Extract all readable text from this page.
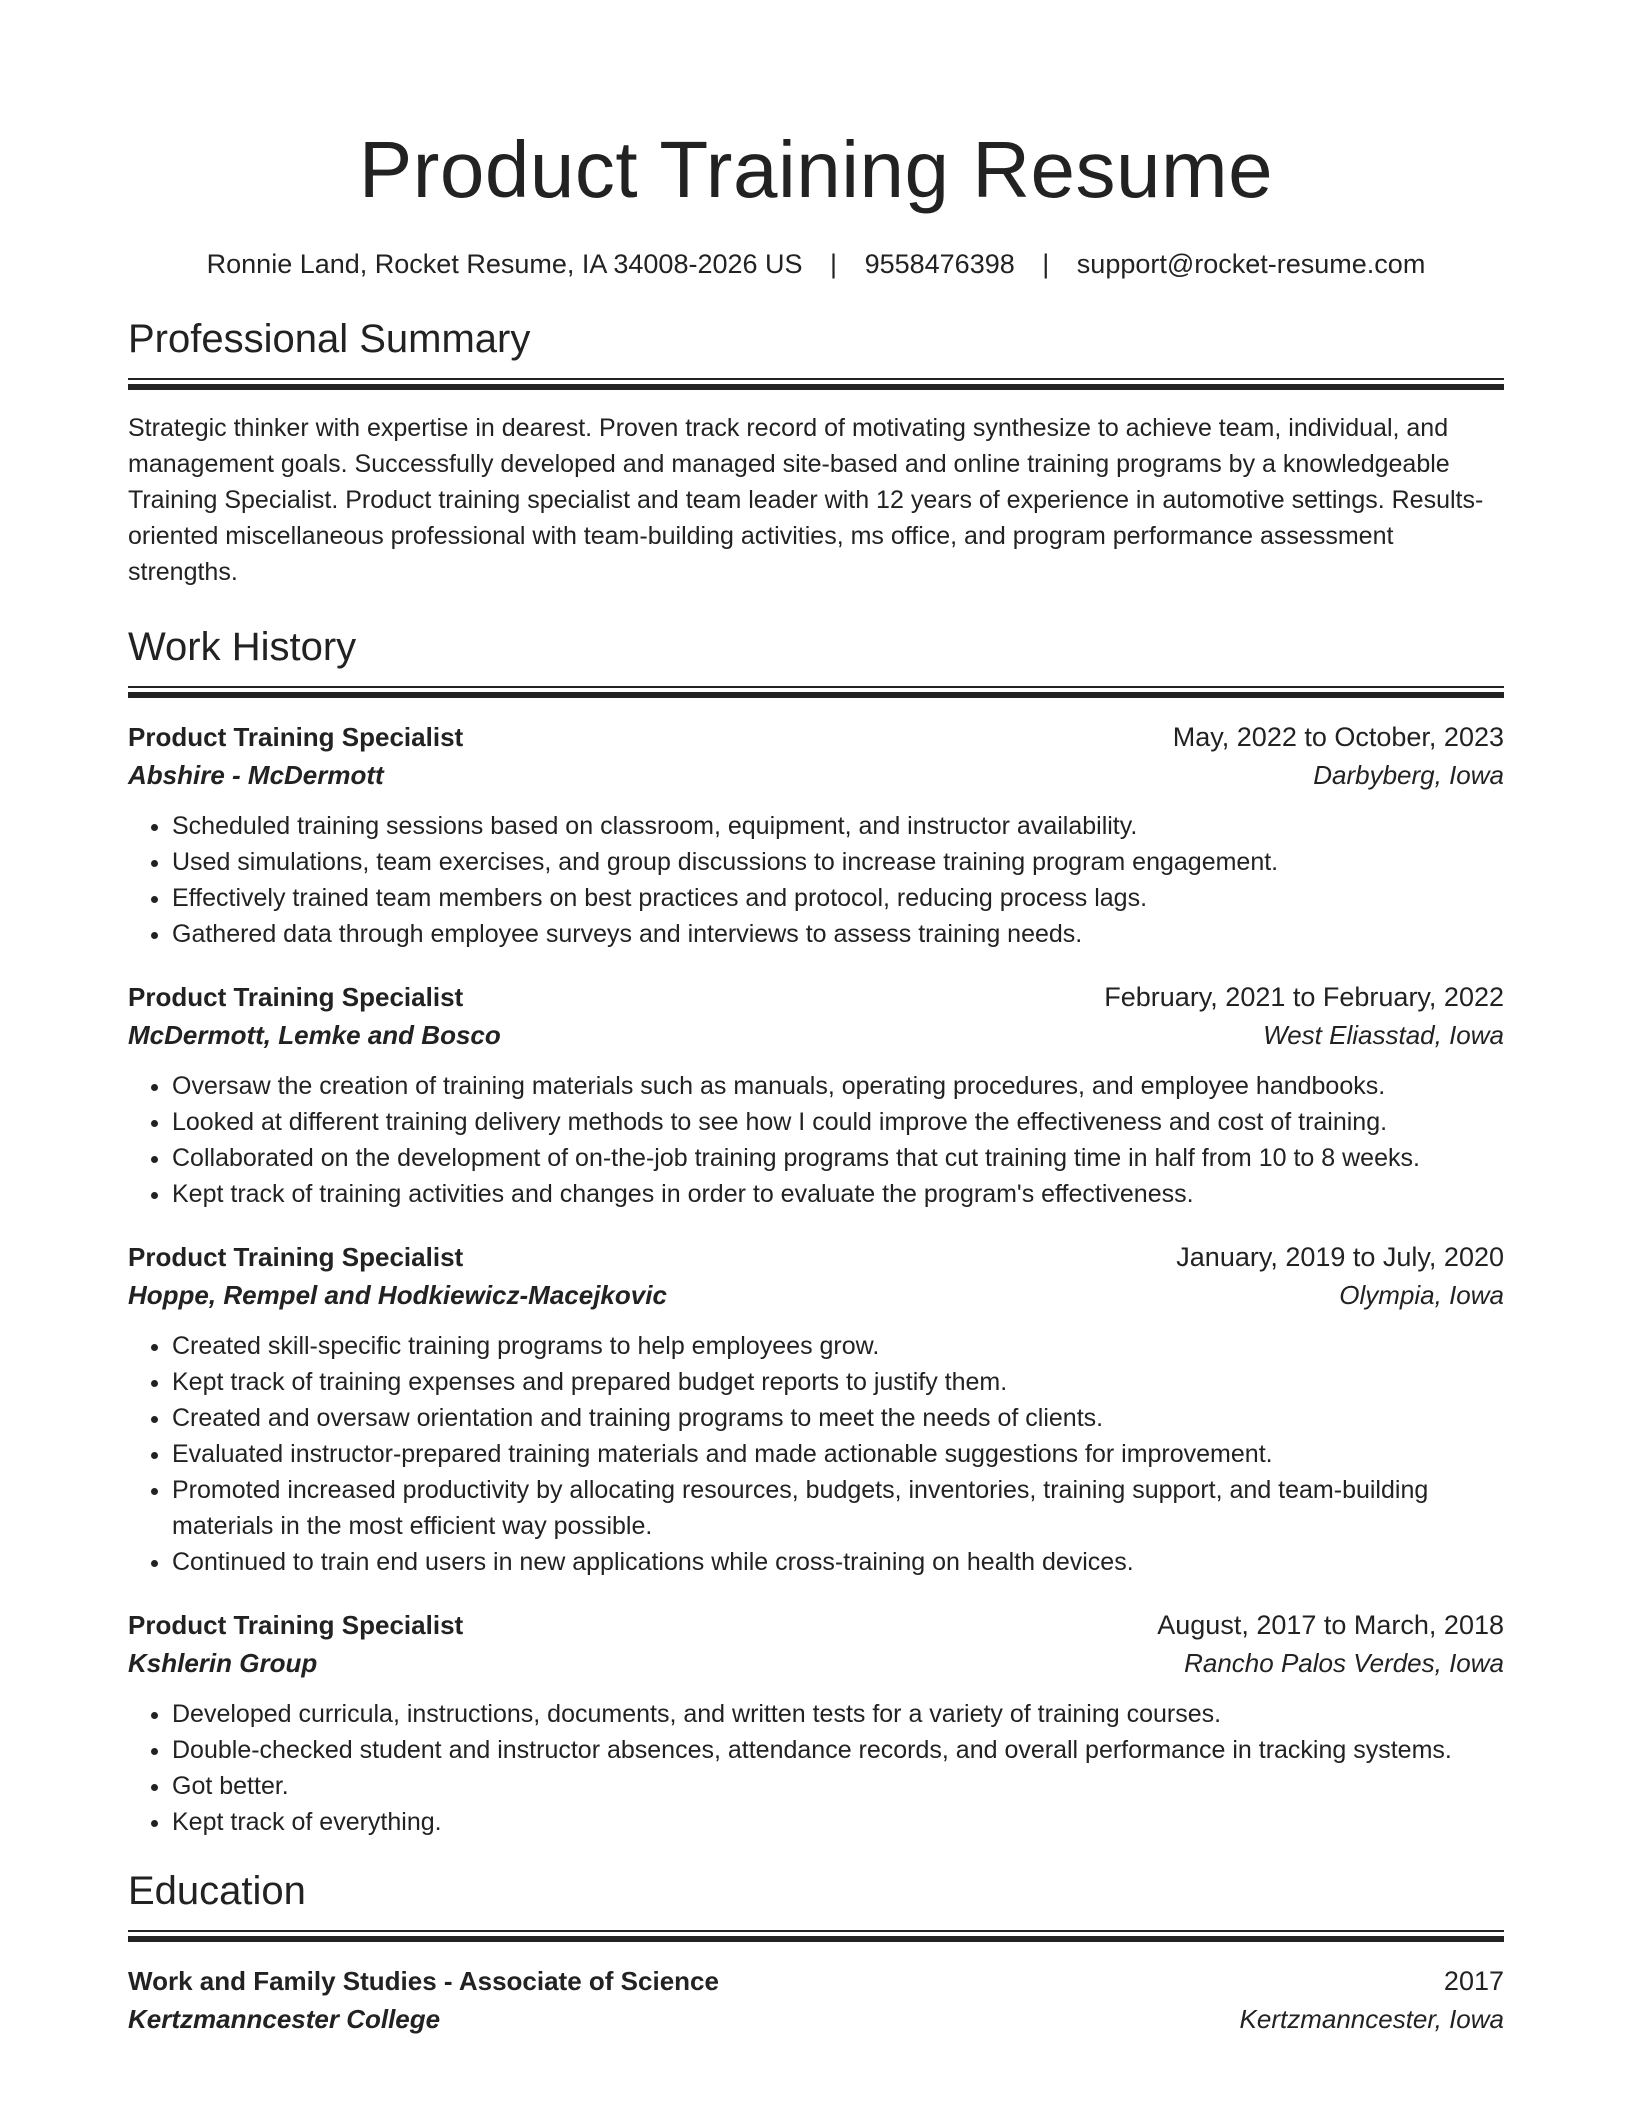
Product Training Resume
Ronnie Land, Rocket Resume, IA 34008-2026 US | 9558476398 | support@rocket-resume.com
Professional Summary

Strategic thinker with expertise in dearest. Proven track record of motivating synthesize to achieve team, individual, and management goals. Successfully developed and managed site-based and online training programs by a knowledgeable Training Specialist. Product training specialist and team leader with 12 years of experience in automotive settings. Results-oriented miscellaneous professional with team-building activities, ms office, and program performance assessment strengths.

Work History
Product Training Specialist	May, 2022 to October, 2023
Abshire - McDermott	Darbyberg, Iowa
• Scheduled training sessions based on classroom, equipment, and instructor availability.
• Used simulations, team exercises, and group discussions to increase training program engagement.
• Effectively trained team members on best practices and protocol, reducing process lags.
• Gathered data through employee surveys and interviews to assess training needs.
Product Training Specialist	February, 2021 to February, 2022
McDermott, Lemke and Bosco	West Eliasstad, Iowa
• Oversaw the creation of training materials such as manuals, operating procedures, and employee handbooks.
• Looked at different training delivery methods to see how I could improve the effectiveness and cost of training.
• Collaborated on the development of on-the-job training programs that cut training time in half from 10 to 8 weeks.
• Kept track of training activities and changes in order to evaluate the program's effectiveness.
Product Training Specialist	January, 2019 to July, 2020
Hoppe, Rempel and Hodkiewicz-Macejkovic	Olympia, Iowa
• Created skill-specific training programs to help employees grow.
• Kept track of training expenses and prepared budget reports to justify them.
• Created and oversaw orientation and training programs to meet the needs of clients.
• Evaluated instructor-prepared training materials and made actionable suggestions for improvement.
• Promoted increased productivity by allocating resources, budgets, inventories, training support, and team-building materials in the most efficient way possible.
• Continued to train end users in new applications while cross-training on health devices.
Product Training Specialist	August, 2017 to March, 2018
Kshlerin Group	Rancho Palos Verdes, Iowa
• Developed curricula, instructions, documents, and written tests for a variety of training courses.
• Double-checked student and instructor absences, attendance records, and overall performance in tracking systems.
• Got better.
• Kept track of everything.
Education
Work and Family Studies - Associate of Science	2017
Kertzmanncester College	Kertzmanncester, Iowa
